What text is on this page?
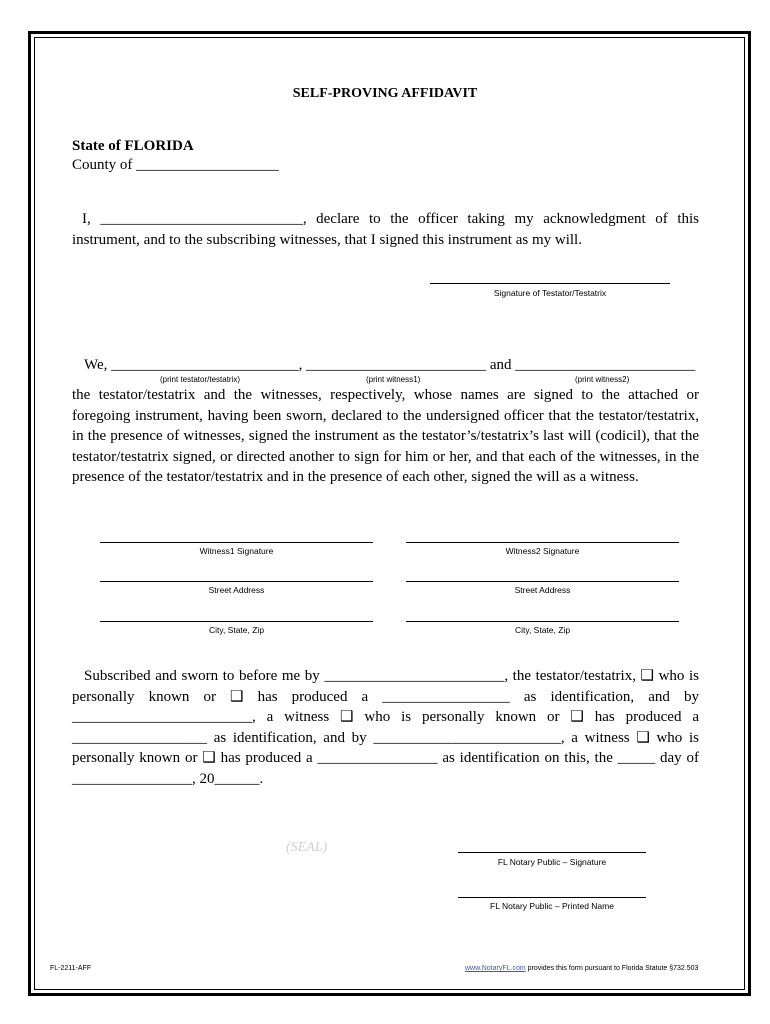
SELF-PROVING AFFIDAVIT
State of FLORIDA
County of ___________________
I, ___________________________, declare to the officer taking my acknowledgment of this instrument, and to the subscribing witnesses, that I signed this instrument as my will.
Signature of Testator/Testatrix
We, _________________________, ________________________ and ________________________
(print testator/testatrix)	(print witness1)	(print witness2)
the testator/testatrix and the witnesses, respectively, whose names are signed to the attached or foregoing instrument, having been sworn, declared to the undersigned officer that the testator/testatrix, in the presence of witnesses, signed the instrument as the testator’s/testatrix’s last will (codicil), that the testator/testatrix signed, or directed another to sign for him or her, and that each of the witnesses, in the presence of the testator/testatrix and in the presence of each other, signed the will as a witness.
Witness1 Signature	Witness2 Signature
Street Address	Street Address
City, State, Zip	City, State, Zip
Subscribed and sworn to before me by ________________________, the testator/testatrix, ❑ who is personally known or ❑ has produced a _________________ as identification, and by ________________________, a witness ❑ who is personally known or ❑ has produced a __________________ as identification, and by _________________________, a witness ❑ who is personally known or ❑ has produced a ________________ as identification on this, the _____ day of ________________, 20______.
(SEAL)
FL Notary Public – Signature
FL Notary Public – Printed Name
FL-2211-AFF	www.NotaryFL.com provides this form pursuant to Florida Statute §732.503
